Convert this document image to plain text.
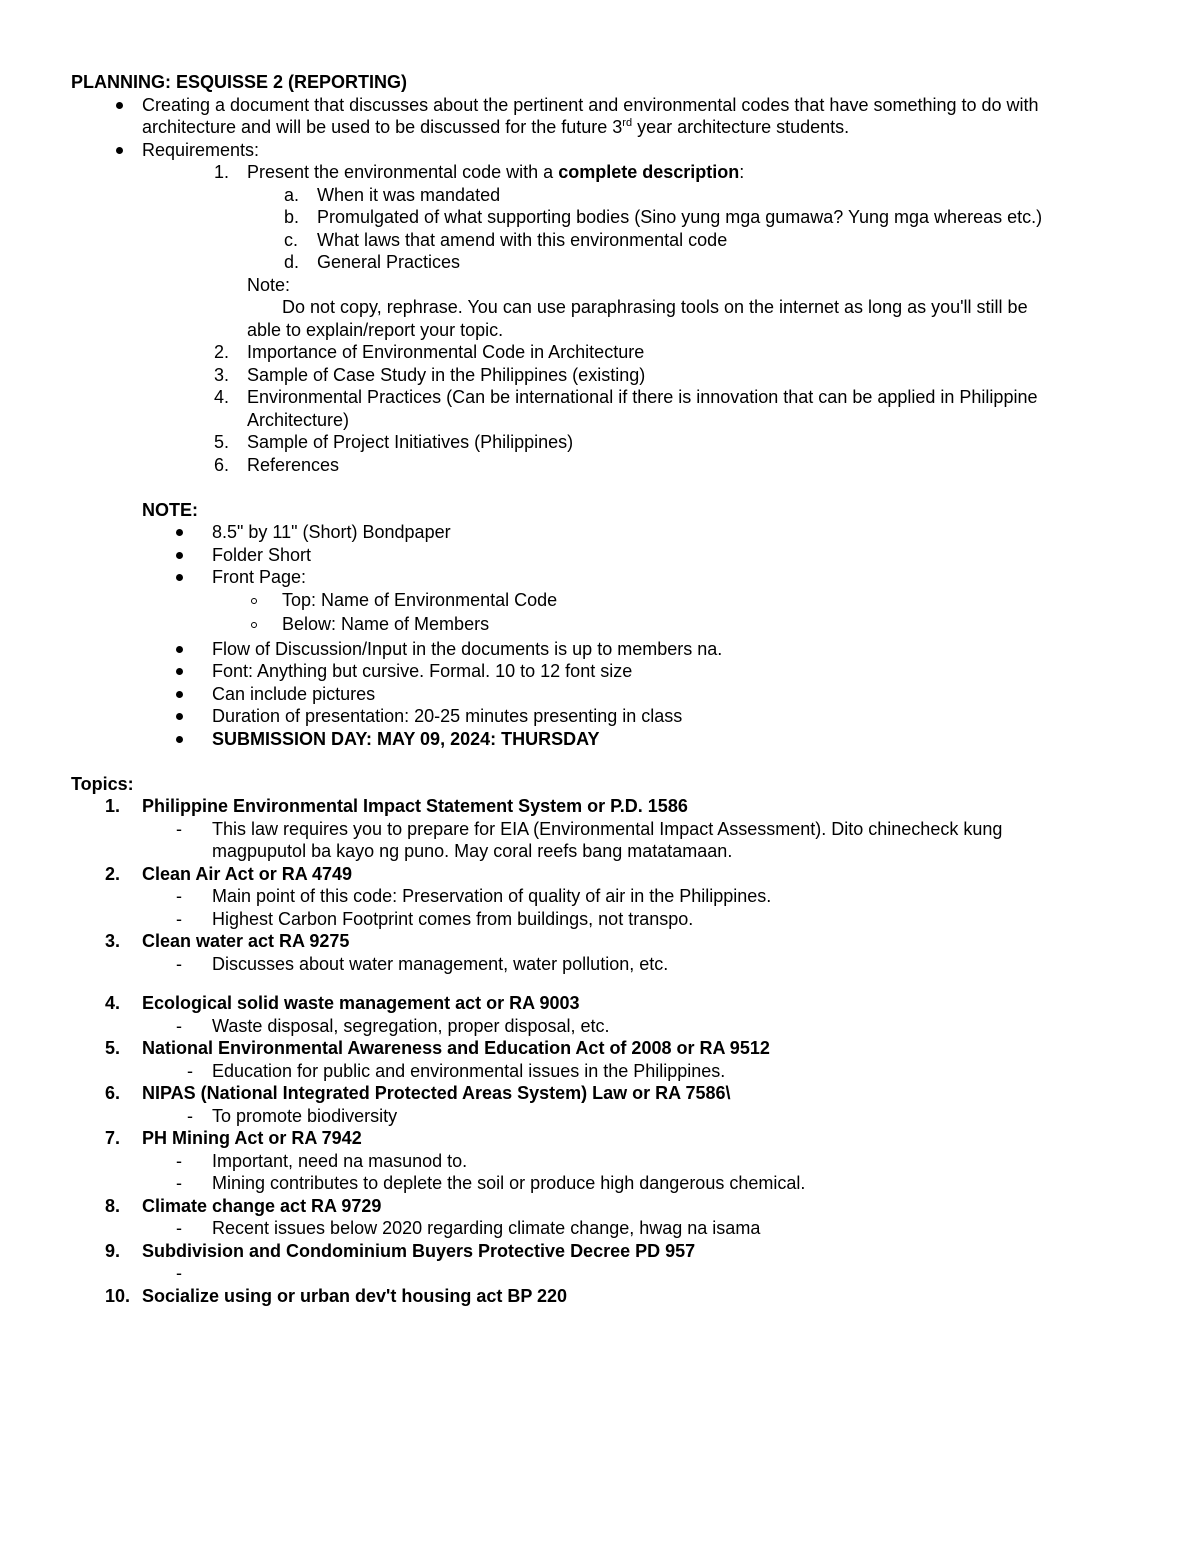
PLANNING: ESQUISSE 2 (REPORTING)
Creating a document that discusses about the pertinent and environmental codes that have something to do with
architecture and will be used to be discussed for the future 3rd year architecture students.
Requirements:
1. Present the environmental code with a complete description:
a. When it was mandated
b. Promulgated of what supporting bodies (Sino yung mga gumawa? Yung mga whereas etc.)
c. What laws that amend with this environmental code
d. General Practices
Note:
Do not copy, rephrase. You can use paraphrasing tools on the internet as long as you'll still be
able to explain/report your topic.
2. Importance of Environmental Code in Architecture
3. Sample of Case Study in the Philippines (existing)
4. Environmental Practices (Can be international if there is innovation that can be applied in Philippine
Architecture)
5. Sample of Project Initiatives (Philippines)
6. References
NOTE:
8.5" by 11" (Short) Bondpaper
Folder Short
Front Page:
Top: Name of Environmental Code
Below: Name of Members
Flow of Discussion/Input in the documents is up to members na.
Font: Anything but cursive. Formal. 10 to 12 font size
Can include pictures
Duration of presentation: 20-25 minutes presenting in class
SUBMISSION DAY: MAY 09, 2024: THURSDAY
Topics:
1. Philippine Environmental Impact Statement System or P.D. 1586
- This law requires you to prepare for EIA (Environmental Impact Assessment). Dito chinecheck kung
magpuputol ba kayo ng puno. May coral reefs bang matatamaan.
2. Clean Air Act or RA 4749
- Main point of this code: Preservation of quality of air in the Philippines.
- Highest Carbon Footprint comes from buildings, not transpo.
3. Clean water act RA 9275
- Discusses about water management, water pollution, etc.
4. Ecological solid waste management act or RA 9003
- Waste disposal, segregation, proper disposal, etc.
5. National Environmental Awareness and Education Act of 2008 or RA 9512
- Education for public and environmental issues in the Philippines.
6. NIPAS (National Integrated Protected Areas System) Law or RA 7586\
- To promote biodiversity
7. PH Mining Act or RA 7942
- Important, need na masunod to.
- Mining contributes to deplete the soil or produce high dangerous chemical.
8. Climate change act RA 9729
- Recent issues below 2020 regarding climate change, hwag na isama
9. Subdivision and Condominium Buyers Protective Decree PD 957
-

10. Socialize using or urban dev't housing act BP 220
